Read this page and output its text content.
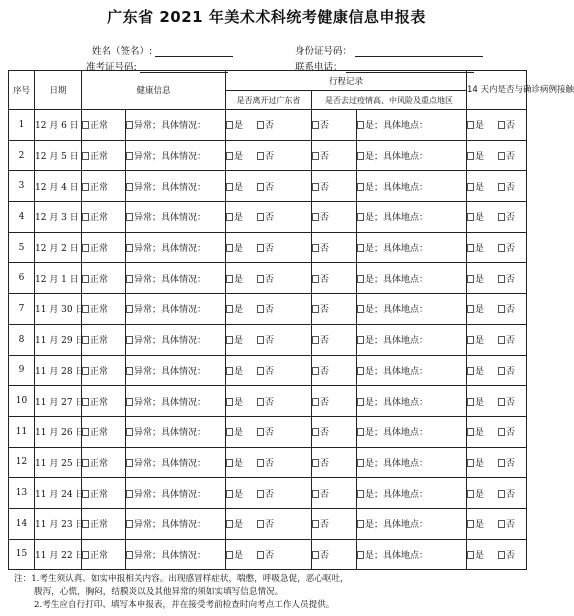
广东省 2021 年美术术科统考健康信息申报表
姓名（签名）:	身份证号码：
准考证号码:	联系电话：
序号	日期	健康信息		行程记录			14 天内是否与确诊病例接触
				是否离开过广东省	是否去过疫情高、中风险及重点地区		
1	12 月 6 日	正常	异常；具体情况：	是 否	否	是；具体地点：	是 否
2	12 月 5 日	正常	异常；具体情况：	是 否	否	是；具体地点：	是 否
3	12 月 4 日	正常	异常；具体情况：	是 否	否	是；具体地点：	是 否
4	12 月 3 日	正常	异常；具体情况：	是 否	否	是；具体地点：	是 否
5	12 月 2 日	正常	异常；具体情况：	是 否	否	是；具体地点：	是 否
6	12 月 1 日	正常	异常；具体情况：	是 否	否	是；具体地点：	是 否
7	11 月 30 日	正常	异常；具体情况：	是 否	否	是；具体地点：	是 否
8	11 月 29 日	正常	异常；具体情况：	是 否	否	是；具体地点：	是 否
9	11 月 28 日	正常	异常；具体情况：	是 否	否	是；具体地点：	是 否
10	11 月 27 日	正常	异常；具体情况：	是 否	否	是；具体地点：	是 否
11	11 月 26 日	正常	异常；具体情况：	是 否	否	是；具体地点：	是 否
12	11 月 25 日	正常	异常；具体情况：	是 否	否	是；具体地点：	是 否
13	11 月 24 日	正常	异常；具体情况：	是 否	否	是；具体地点：	是 否
14	11 月 23 日	正常	异常；具体情况：	是 否	否	是；具体地点：	是 否
15	11 月 22 日	正常	异常；具体情况：	是 否	否	是；具体地点：	是 否
注：1.考生须认真、如实申报相关内容。出现感冒样症状，喘憋，呼吸急促，恶心呕吐，
腹泻，心慌，胸闷，结膜炎以及其他异常的须如实填写信息情况。
2.考生应自行打印、填写本申报表，并在接受考前检查时向考点工作人员提供。
